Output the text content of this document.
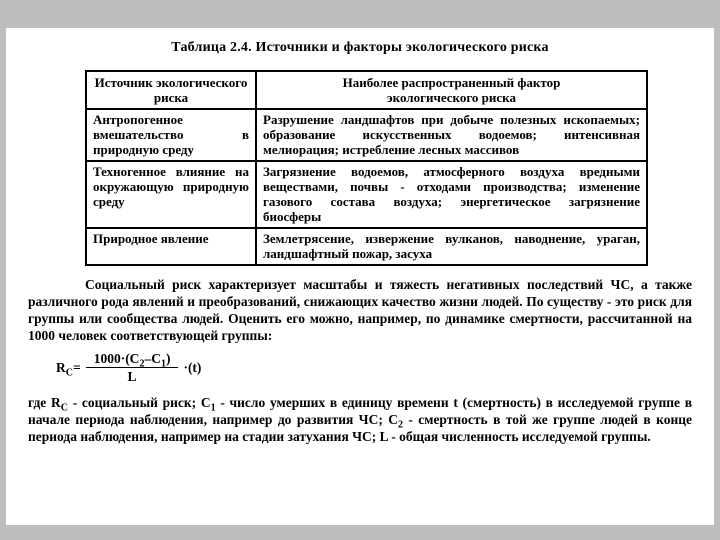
Таблица 2.4. Источники и факторы экологического риска
Источник экологического риска	Наиболее распространенный фактор экологического риска
Антропогенное вмешательство в природную среду	Разрушение ландшафтов при добыче полезных ископаемых; образование искусственных водоемов; интенсивная мелиорация; истребление лесных массивов
Техногенное влияние на окружающую природную среду	Загрязнение водоемов, атмосферного воздуха вредными веществами, почвы - отходами производства; изменение газового состава воздуха; энергетическое загрязнение биосферы
Природное явление	Землетрясение, извержение вулканов, наводнение, ураган, ландшафтный пожар, засуха
Социальный риск характеризует масштабы и тяжесть негативных последствий ЧС, а также различного рода явлений и преобразований, снижающих качество жизни людей. По существу - это риск для группы или сообщества людей. Оценить его можно, например, по динамике смертности, рассчитанной на 1000 человек соответствующей группы:
$R_C= \frac{1000\cdot(C_2-C_1)}{L} \cdot(t)$
где $R_C$ - социальный риск; $C_1$ - число умерших в единицу времени t (смертность) в исследуемой группе в начале периода наблюдения, например до развития ЧС; $C_2$ - смертность в той же группе людей в конце периода наблюдения, например на стадии затухания ЧС; L - общая численность исследуемой группы.
